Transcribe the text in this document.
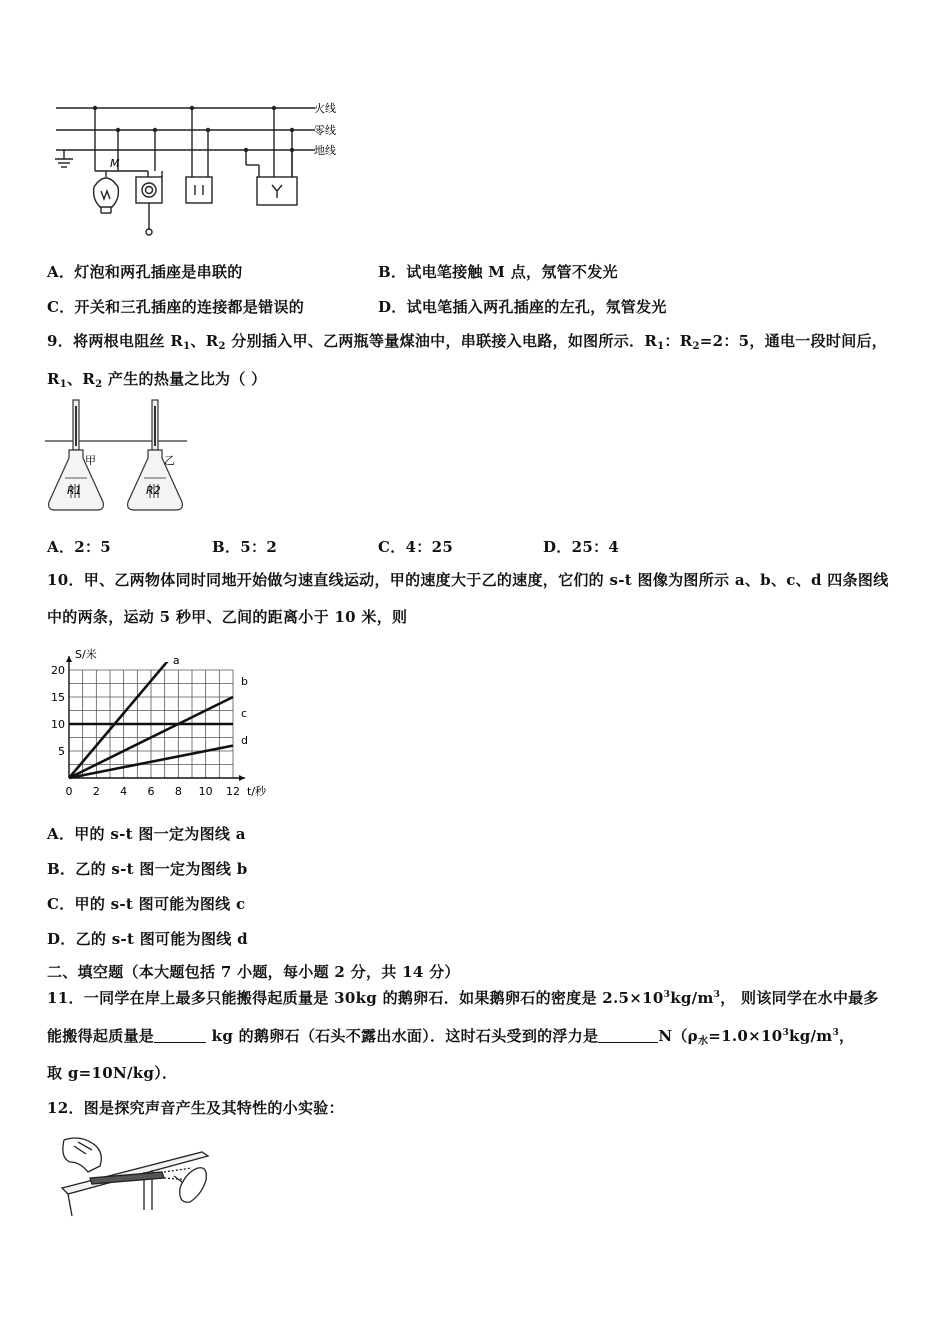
火线
零线
地线
M
A．灯泡和两孔插座是串联的	B．试电笔接触 M 点，氖管不发光
C．开关和三孔插座的连接都是错误的	D．试电笔插入两孔插座的左孔，氖管发光
9．将两根电阻丝 $R_1$、$R_2$ 分别插入甲、乙两瓶等量煤油中，串联接入电路，如图所示．$R_1$：$R_2=2$：5，通电一段时间后，
$R_1$、$R_2$ 产生的热量之比为（ ）
甲	乙
R1	R2
A．2：5	B．5：2	C．4：25	D．25：4
10．甲、乙两物体同时同地开始做匀速直线运动，甲的速度大于乙的速度，它们的 s-t 图像为图所示 a、b、c、d 四条图线
中的两条，运动 5 秒甲、乙间的距离小于 10 米，则
a
b
c
d
0 2 4 6 8 10 12
5
10
15
20
S/米
t/秒
A．甲的 s-t 图一定为图线 a
B．乙的 s-t 图一定为图线 b
C．甲的 s-t 图可能为图线 c
D．乙的 s-t 图可能为图线 d
二、填空题（本大题包括 7 小题，每小题 2 分，共 14 分）
11．一同学在岸上最多只能搬得起质量是 30kg 的鹅卵石．如果鹅卵石的密度是 $2.5\times 10^3kg/m^3$， 则该同学在水中最多
能搬得起质量是	kg 的鹅卵石（石头不露出水面）．这时石头受到的浮力是	$N(\rho_水=1.0\times 10^3kg/m^3$，
取 g=10N/kg）．
12．图是探究声音产生及其特性的小实验：
